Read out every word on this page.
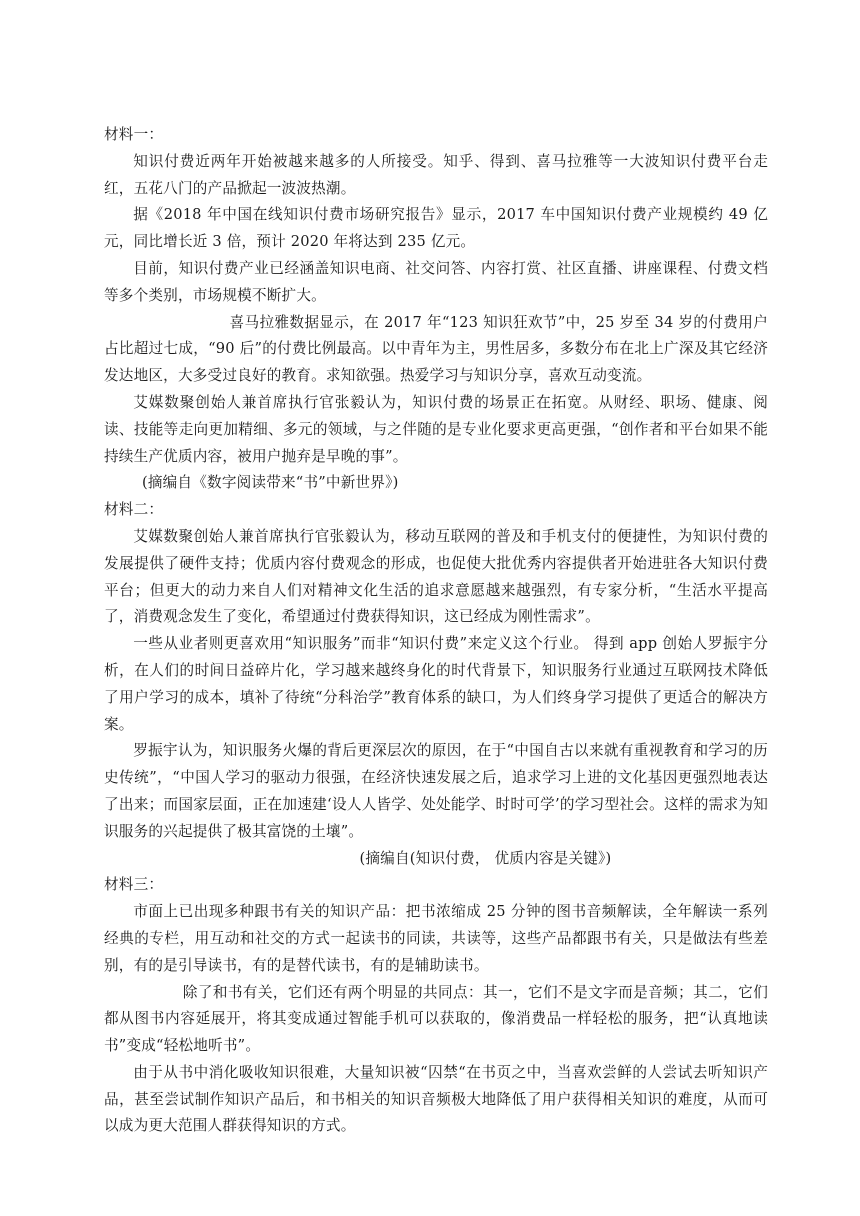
材料一：

知识付费近两年开始被越来越多的人所接受。知乎、得到、喜马拉雅等一大波知识付费平台走红，五花八门的产品掀起一波波热潮。

据《2018 年中国在线知识付费市场研究报告》显示，2017 车中国知识付费产业规模约 49 亿元，同比增长近 3 倍，预计 2020 年将达到 235 亿元。

目前，知识付费产业已经涵盖知识电商、社交问答、内容打赏、社区直播、讲座课程、付费文档等多个类别，市场规模不断扩大。

喜马拉雅数据显示，在 2017 年“123 知识狂欢节”中，25 岁至 34 岁的付费用户占比超过七成，“90 后”的付费比例最高。以中青年为主，男性居多，多数分布在北上广深及其它经济发达地区，大多受过良好的教育。求知欲强。热爱学习与知识分享，喜欢互动变流。

艾媒数聚创始人兼首席执行官张毅认为，知识付费的场景正在拓宽。从财经、职场、健康、阅读、技能等走向更加精细、多元的领域，与之伴随的是专业化要求更高更强，“创作者和平台如果不能持续生产优质内容，被用户抛弃是早晚的事”。

(摘编自《数字阅读带来“书”中新世界》)

材料二：

艾媒数聚创始人兼首席执行官张毅认为，移动互联网的普及和手机支付的便捷性，为知识付费的发展提供了硬件支持；优质内容付费观念的形成，也促使大批优秀内容提供者开始进驻各大知识付费平台；但更大的动力来自人们对精神文化生活的追求意愿越来越强烈，有专家分析，“生活水平提高了，消费观念发生了变化，希望通过付费获得知识，这已经成为刚性需求”。

一些从业者则更喜欢用“知识服务”而非“知识付费”来定义这个行业。 得到 app 创始人罗振宇分析，在人们的时间日益碎片化，学习越来越终身化的时代背景下，知识服务行业通过互联网技术降低了用户学习的成本，填补了待统“分科治学”教育体系的缺口，为人们终身学习提供了更适合的解决方案。

罗振宇认为，知识服务火爆的背后更深层次的原因，在于“中国自古以来就有重视教育和学习的历史传统”，“中国人学习的驱动力很强，在经济快速发展之后，追求学习上进的文化基因更强烈地表达了出来；而国家层面，正在加速建‘设人人皆学、处处能学、时时可学’的学习型社会。这样的需求为知识服务的兴起提供了极其富饶的土壤”。

(摘编自(知识付费， 优质内容是关键》)

材料三：

市面上已出现多种跟书有关的知识产品：把书浓缩成 25 分钟的图书音频解读，全年解读一系列经典的专栏，用互动和社交的方式一起读书的同读，共读等，这些产品都跟书有关，只是做法有些差别，有的是引导读书，有的是替代读书，有的是辅助读书。

除了和书有关，它们还有两个明显的共同点：其一，它们不是文字而是音频；其二，它们都从图书内容延展开，将其变成通过智能手机可以获取的，像消费品一样轻松的服务，把“认真地读书”变成“轻松地听书”。

由于从书中消化吸收知识很难，大量知识被“囚禁“在书页之中，当喜欢尝鲜的人尝试去听知识产品，甚至尝试制作知识产品后，和书相关的知识音频极大地降低了用户获得相关知识的难度，从而可以成为更大范围人群获得知识的方式。
